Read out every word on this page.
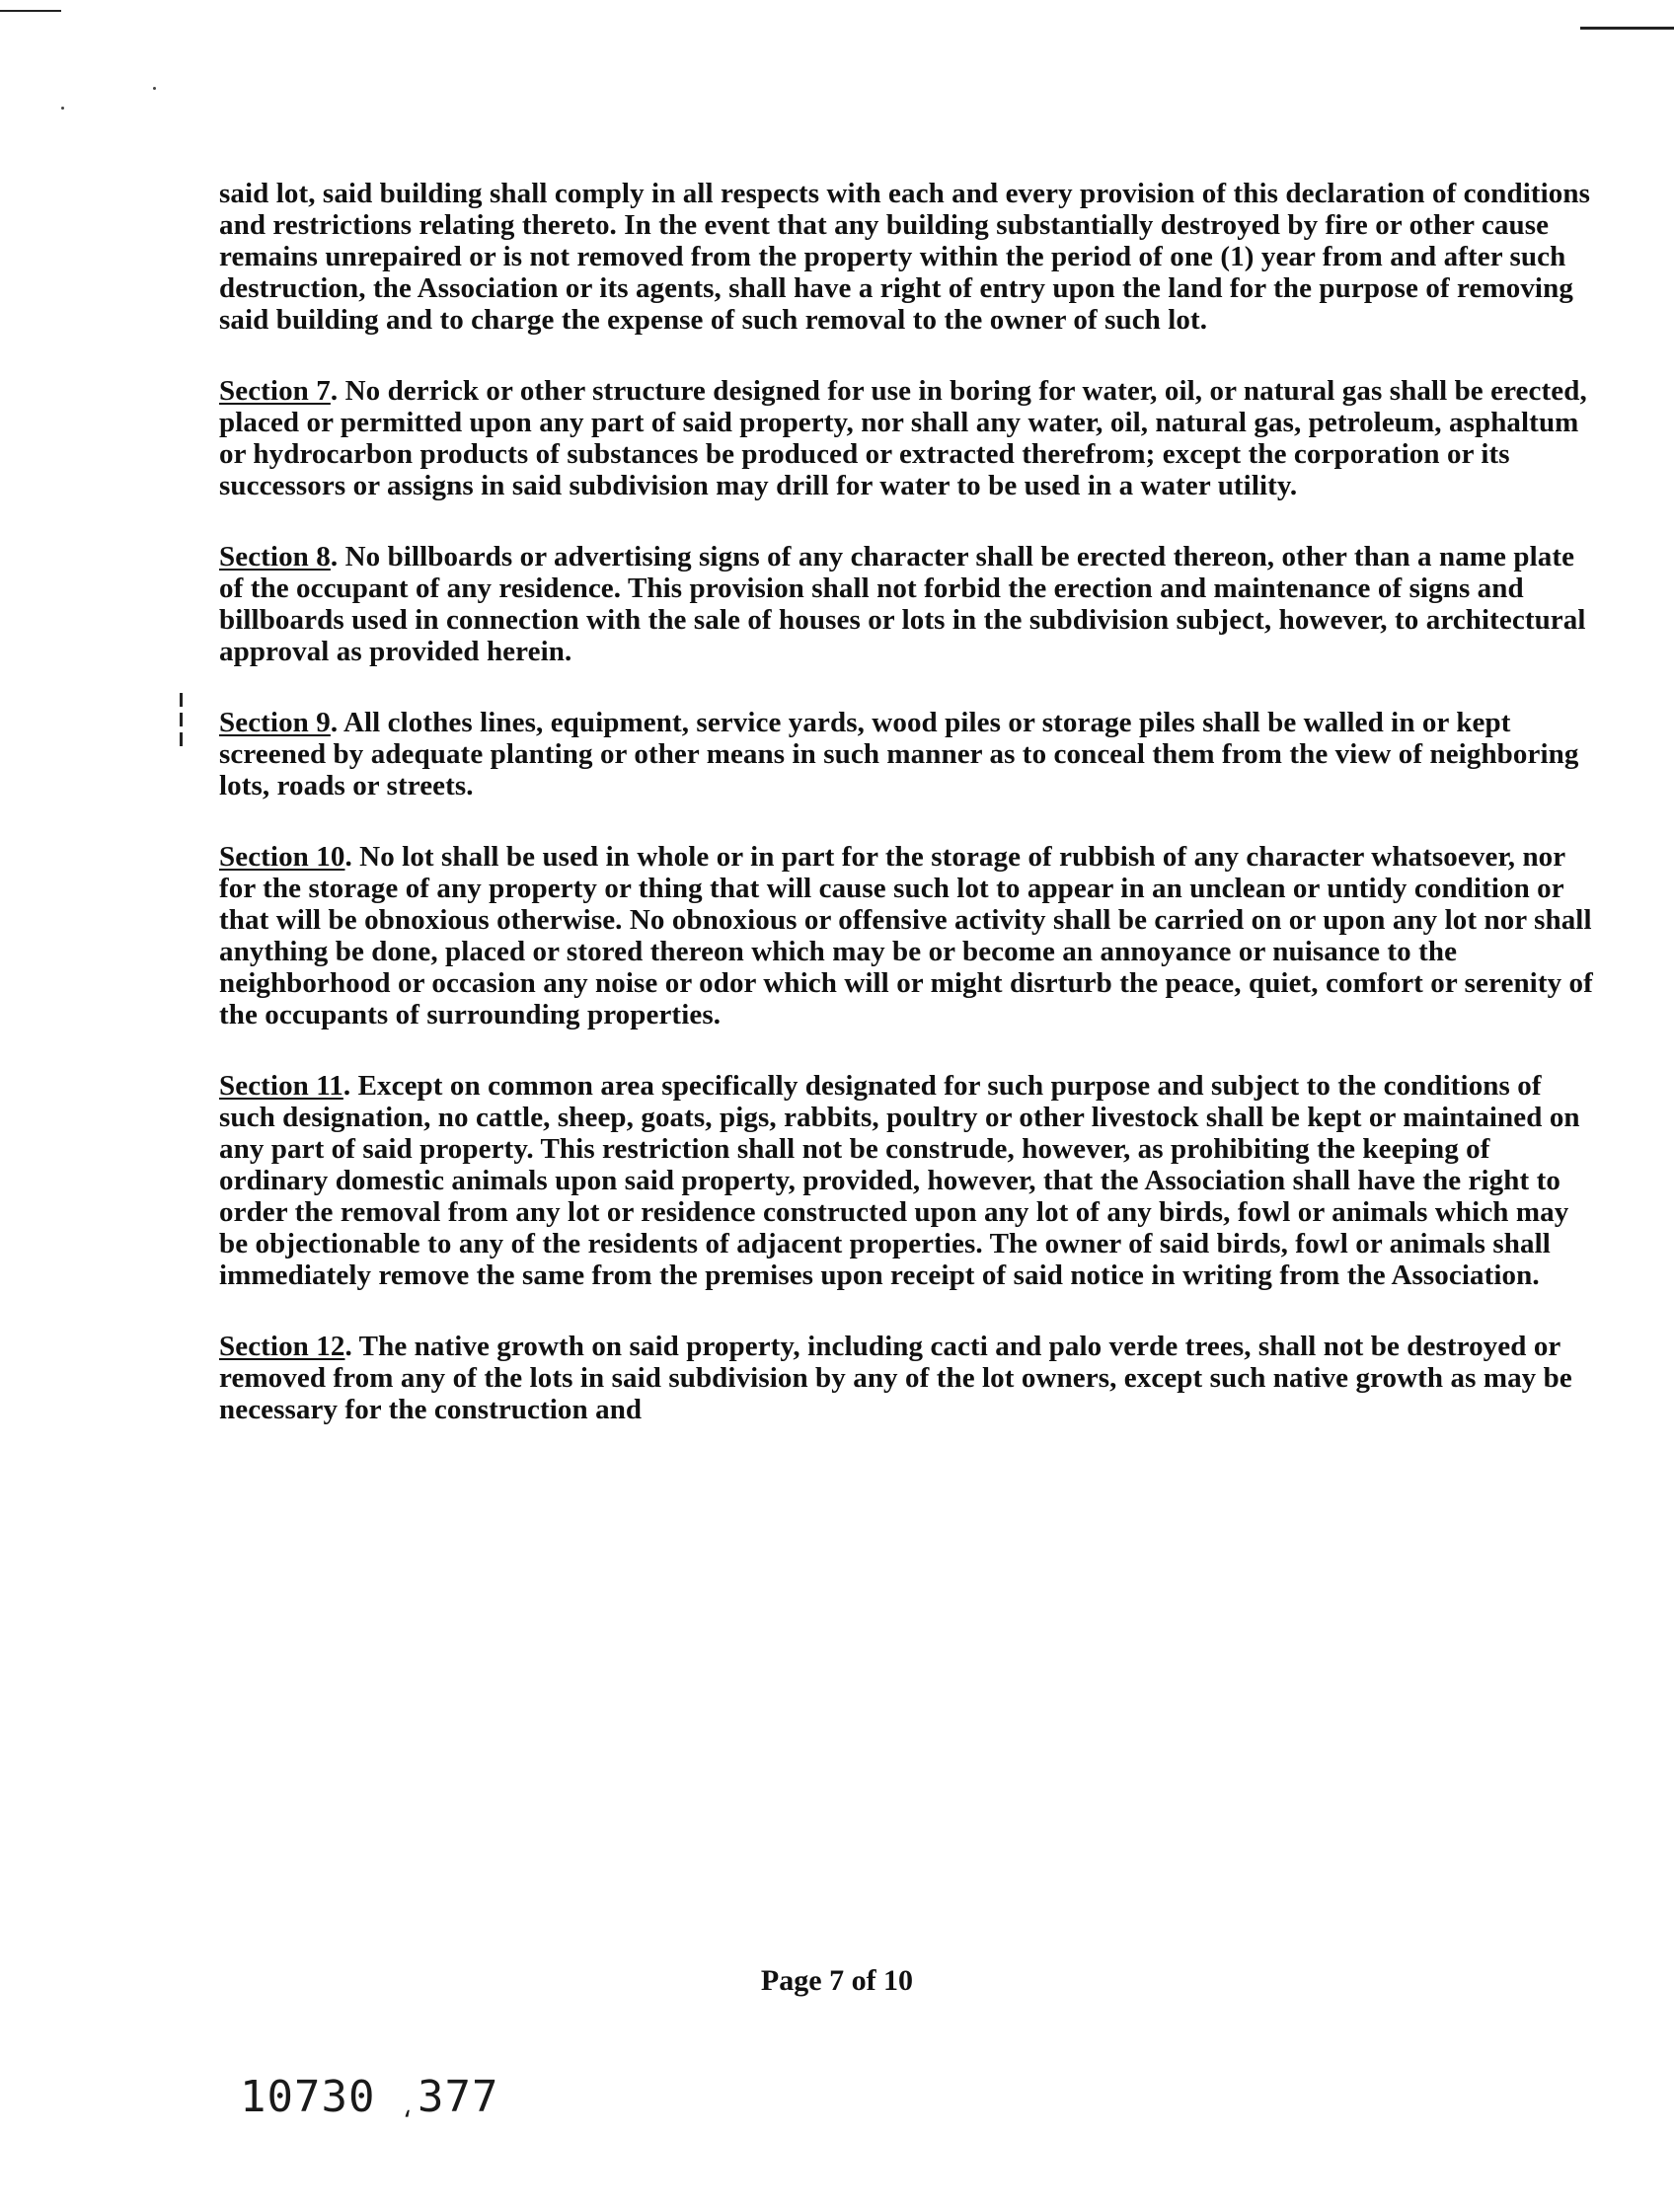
said lot, said building shall comply in all respects with each and every provision of this declaration of conditions and restrictions relating thereto. In the event that any building substantially destroyed by fire or other cause remains unrepaired or is not removed from the property within the period of one (1) year from and after such destruction, the Association or its agents, shall have a right of entry upon the land for the purpose of removing said building and to charge the expense of such removal to the owner of such lot.

Section 7. No derrick or other structure designed for use in boring for water, oil, or natural gas shall be erected, placed or permitted upon any part of said property, nor shall any water, oil, natural gas, petroleum, asphaltum or hydrocarbon products of substances be produced or extracted therefrom; except the corporation or its successors or assigns in said subdivision may drill for water to be used in a water utility.

Section 8. No billboards or advertising signs of any character shall be erected thereon, other than a name plate of the occupant of any residence. This provision shall not forbid the erection and maintenance of signs and billboards used in connection with the sale of houses or lots in the subdivision subject, however, to architectural approval as provided herein.

Section 9. All clothes lines, equipment, service yards, wood piles or storage piles shall be walled in or kept screened by adequate planting or other means in such manner as to conceal them from the view of neighboring lots, roads or streets.

Section 10. No lot shall be used in whole or in part for the storage of rubbish of any character whatsoever, nor for the storage of any property or thing that will cause such lot to appear in an unclean or untidy condition or that will be obnoxious otherwise. No obnoxious or offensive activity shall be carried on or upon any lot nor shall anything be done, placed or stored thereon which may be or become an annoyance or nuisance to the neighborhood or occasion any noise or odor which will or might disrturb the peace, quiet, comfort or serenity of the occupants of surrounding properties.

Section 11. Except on common area specifically designated for such purpose and subject to the conditions of such designation, no cattle, sheep, goats, pigs, rabbits, poultry or other livestock shall be kept or maintained on any part of said property. This restriction shall not be construde, however, as prohibiting the keeping of ordinary domestic animals upon said property, provided, however, that the Association shall have the right to order the removal from any lot or residence constructed upon any lot of any birds, fowl or animals which may be objectionable to any of the residents of adjacent properties. The owner of said birds, fowl or animals shall immediately remove the same from the premises upon receipt of said notice in writing from the Association.

Section 12. The native growth on said property, including cacti and palo verde trees, shall not be destroyed or removed from any of the lots in said subdivision by any of the lot owners, except such native growth as may be necessary for the construction and

Page 7 of 10
10730 ⸲ 377
